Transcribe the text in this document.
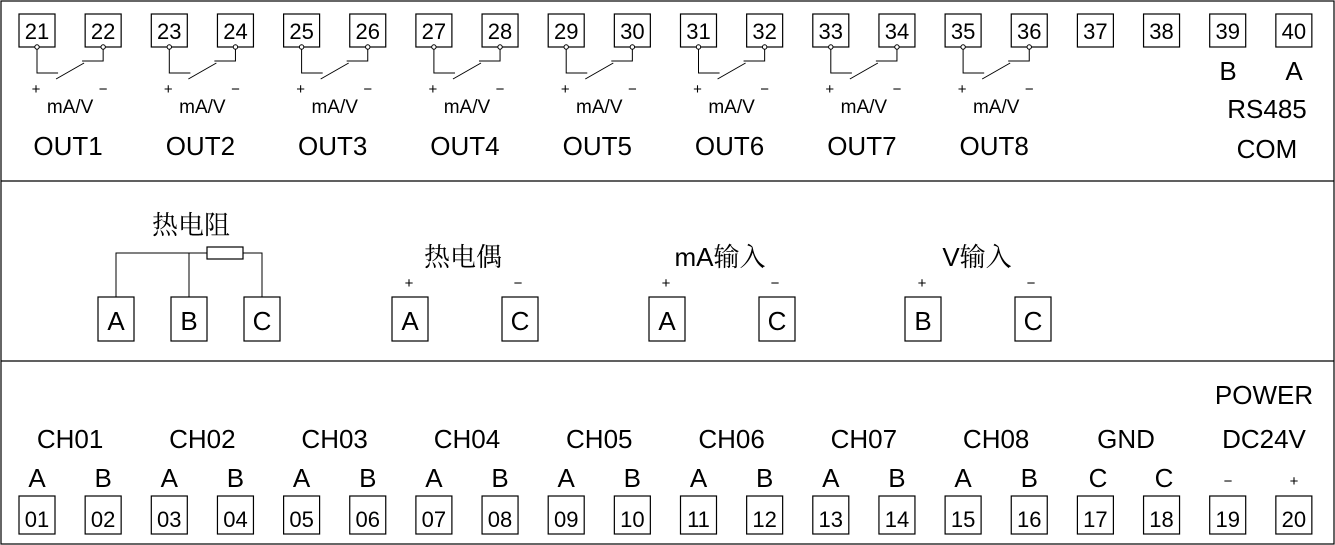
21 22 23 24 25 26 27 28 29 30 31 32 33 34 35 36 37 38 39 40
+	−
mA/V
OUT1
+	−
mA/V
OUT2
+	−
mA/V
OUT3
+	−
mA/V
OUT4
+	−
mA/V
OUT5
+	−
mA/V
OUT6
+	−
mA/V
OUT7
+	−
mA/V
OUT8
B A
RS485
COM
热电阻
A B C
热电偶
+	−
A	C
mA输入
+	−
A	C
V输入
+	−
B	C
CH01
A B
CH02
A B
CH03
A B
CH04
A B
CH05
A B
CH06
A B
CH07
A B
CH08
A B
GND
C C
POWER
DC24V
−	+
01 02 03 04 05 06 07 08 09 10 11 12 13 14 15 16 17 18 19 20
